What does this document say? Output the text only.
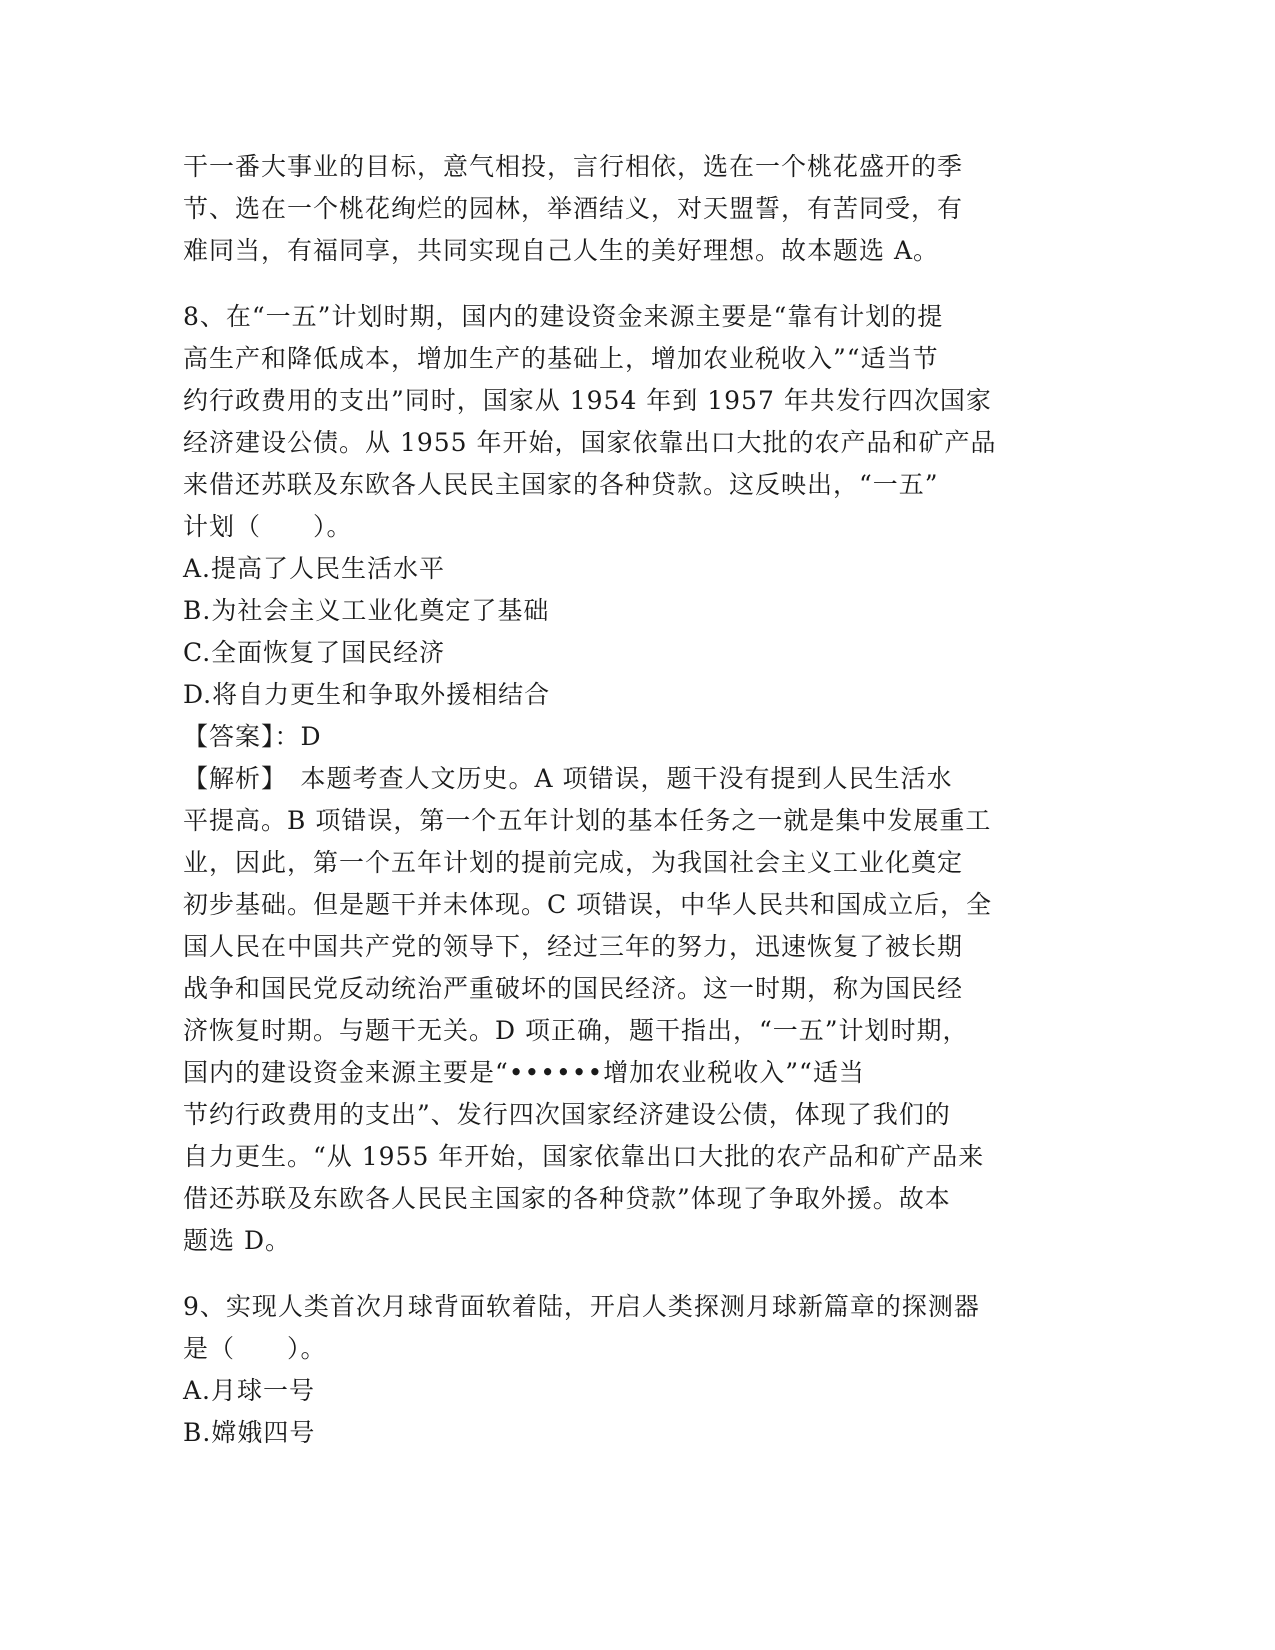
干一番大事业的目标，意气相投，言行相依，选在一个桃花盛开的季
节、选在一个桃花绚烂的园林，举酒结义，对天盟誓，有苦同受，有
难同当，有福同享，共同实现自己人生的美好理想。故本题选 A。
8、在“一五”计划时期，国内的建设资金来源主要是“靠有计划的提
高生产和降低成本，增加生产的基础上，增加农业税收入”“适当节
约行政费用的支出”同时，国家从 1954 年到 1957 年共发行四次国家
经济建设公债。从 1955 年开始，国家依靠出口大批的农产品和矿产品
来借还苏联及东欧各人民民主国家的各种贷款。这反映出，“一五”
计划（　　）。
A.提高了人民生活水平
B.为社会主义工业化奠定了基础
C.全面恢复了国民经济
D.将自力更生和争取外援相结合
【答案】：D
【解析】　本题考查人文历史。A 项错误，题干没有提到人民生活水
平提高。B 项错误，第一个五年计划的基本任务之一就是集中发展重工
业，因此，第一个五年计划的提前完成，为我国社会主义工业化奠定
初步基础。但是题干并未体现。C 项错误，中华人民共和国成立后，全
国人民在中国共产党的领导下，经过三年的努力，迅速恢复了被长期
战争和国民党反动统治严重破坏的国民经济。这一时期，称为国民经
济恢复时期。与题干无关。D 项正确，题干指出，“一五”计划时期，
国内的建设资金来源主要是“••••••增加农业税收入”“适当
节约行政费用的支出”、发行四次国家经济建设公债，体现了我们的
自力更生。“从 1955 年开始，国家依靠出口大批的农产品和矿产品来
借还苏联及东欧各人民民主国家的各种贷款”体现了争取外援。故本
题选 D。
9、实现人类首次月球背面软着陆，开启人类探测月球新篇章的探测器
是（　　）。
A.月球一号
B.嫦娥四号
